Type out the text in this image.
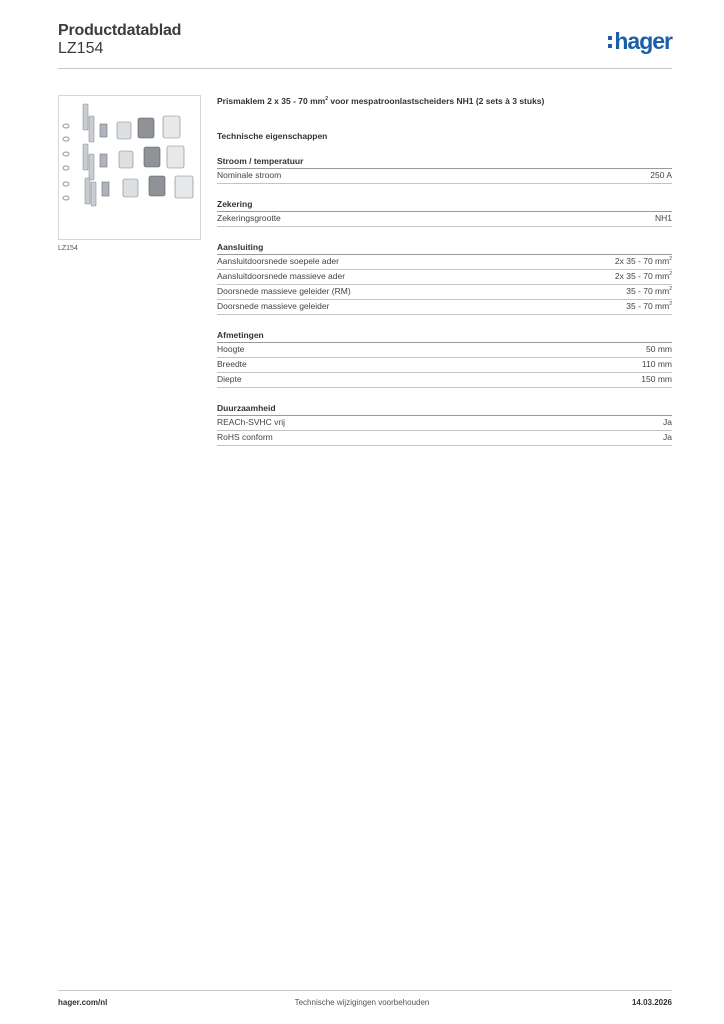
Productdatablad
LZ154	hager
LZ154
Prismaklem 2 x 35 - 70 $mm^2$ voor mespatroonlastscheiders NH1 (2 sets à 3 stuks)
Technische eigenschappen
Stroom / temperatuur
Nominale stroom	250 A
Zekering
Zekeringsgrootte	NH1
Aansluiting
Aansluitdoorsnede soepele ader	2x 35 - 70 $mm^2$
Aansluitdoorsnede massieve ader	2x 35 - 70 $mm^2$
Doorsnede massieve geleider (RM)	35 - 70 $mm^2$
Doorsnede massieve geleider	35 - 70 $mm^2$
Afmetingen
Hoogte	50 mm
Breedte	110 mm
Diepte	150 mm
Duurzaamheid
REACh-SVHC vrij	Ja
RoHS conform	Ja
hager.com/nl	Technische wijzigingen voorbehouden	14.03.2026
